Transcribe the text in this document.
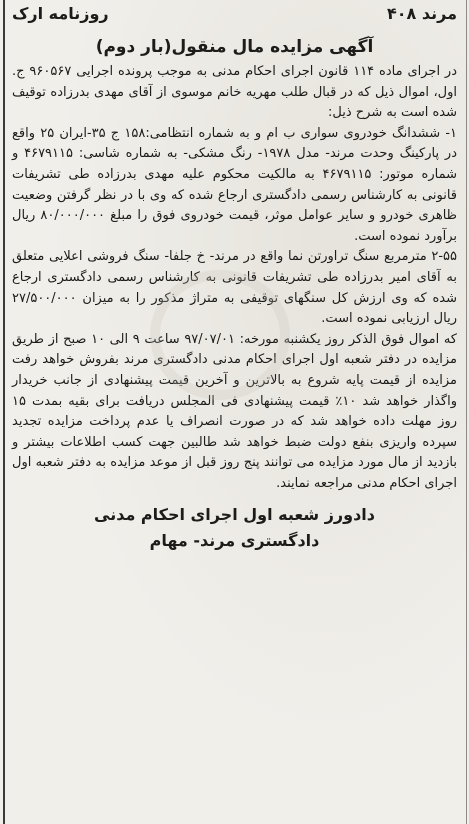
مرند ۴۰۸
روزنامه ارک
آگهی مزایده مال منقول(بار دوم)

در اجرای ماده ۱۱۴ قانون اجرای احکام مدنی به موجب پرونده اجرایی ۹۶۰۵۶۷ ج. اول، اموال ذیل که در قبال طلب مهریه خانم موسوی از آقای مهدی بدرزاده توقیف شده است به شرح ذیل:

۱- ششدانگ خودروی سواری ب ام و به شماره انتظامی:۱۵۸ ج ۳۵-ایران ۲۵ واقع در پارکینگ وحدت مرند- مدل ۱۹۷۸- رنگ مشکی- به شماره شاسی: ۴۶۷۹۱۱۵ و شماره موتور: ۴۶۷۹۱۱۵ به مالکیت محکوم علیه مهدی بدرزاده طی تشریفات قانونی به کارشناس رسمی دادگستری ارجاع شده که وی با در نظر گرفتن وضعیت ظاهری خودرو و سایر عوامل موثر، قیمت خودروی فوق را مبلغ ۸۰/۰۰۰/۰۰۰ ریال برآورد نموده است.

۲-۵۵ مترمربع سنگ تراورتن نما واقع در مرند- خ جلفا- سنگ فروشی اعلایی متعلق به آقای امیر بدرزاده طی تشریفات قانونی به کارشناس رسمی دادگستری ارجاع شده که وی ارزش کل سنگهای توقیفی به متراژ مذکور را به میزان ۲۷/۵۰۰/۰۰۰ ریال ارزیابی نموده است.

که اموال فوق الذکر روز یکشنبه مورخه: ۹۷/۰۷/۰۱ ساعت ۹ الی ۱۰ صبح از طریق مزایده در دفتر شعبه اول اجرای احکام مدنی دادگستری مرند بفروش خواهد رفت مزایده از قیمت پایه شروع به بالاترین و آخرین قیمت پیشنهادی از جانب خریدار واگذار خواهد شد ۱۰٪ قیمت پیشنهادی فی المجلس دریافت برای بقیه بمدت ۱۵ روز مهلت داده خواهد شد که در صورت انصراف یا عدم پرداخت مزایده تجدید سپرده واریزی بنفع دولت ضبط خواهد شد طالبین جهت کسب اطلاعات بیشتر و بازدید از مال مورد مزایده می توانند پنج روز قبل از موعد مزایده به دفتر شعبه اول اجرای احکام مدنی مراجعه نمایند.

دادورز شعبه اول اجرای احکام مدنی
دادگستری مرند- مهام
